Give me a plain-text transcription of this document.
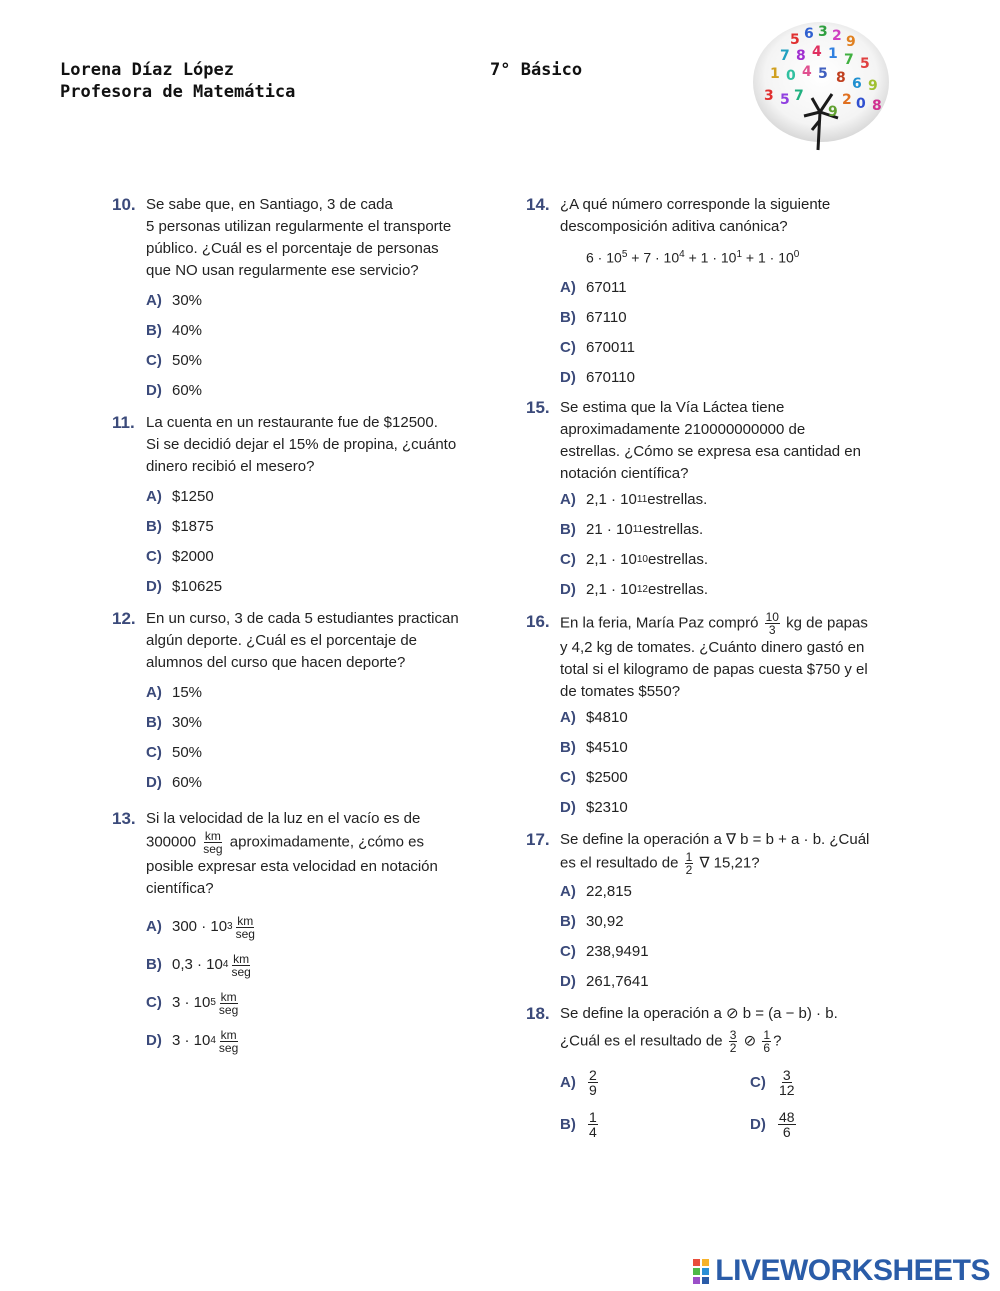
Lorena Díaz López
Profesora de Matemática
7° Básico
5 6 3 2 9
7 8 4 1 7 5
1 0 4 5 8 6 9
3 5 7	2 0 8
9
10. Se sabe que, en Santiago, 3 de cada
5 personas utilizan regularmente el transporte
público. ¿Cuál es el porcentaje de personas
que NO usan regularmente ese servicio?
A) 30%
B) 40%
C) 50%
D) 60%
11. La cuenta en un restaurante fue de $12500.
Si se decidió dejar el 15% de propina, ¿cuánto
dinero recibió el mesero?
A) $1250
B) $1875
C) $2000
D) $10625
12. En un curso, 3 de cada 5 estudiantes practican
algún deporte. ¿Cuál es el porcentaje de
alumnos del curso que hacen deporte?
A) 15%
B) 30%
C) 50%
D) 60%
13. Si la velocidad de la luz en el vacío es de
$300000 \frac{km}{\text{seg}}$ aproximadamente, ¿cómo es
posible expresar esta velocidad en notación
científica?
A) 300 · 10 $3 \frac{km}{\text{seg}}$
B) 0,3 · 10 $4 \frac{km}{\text{seg}}$
C) 3 · 10 $5 \frac{km}{\text{seg}}$
D) 3 · 10 $4 \frac{km}{\text{seg}}$
14. ¿A qué número corresponde la siguiente
descomposición aditiva canónica?
$6 \cdot 10^5 + 7 \cdot 10^4 + 1 \cdot 10^1 + 1 \cdot 10^0$
A) 67011
B) 67110
C) 670011
D) 670110
15. Se estima que la Vía Láctea tiene
aproximadamente 210000000000 de
estrellas. ¿Cómo se expresa esa cantidad en
notación científica?
A) 2,1 · 10 11 estrellas.
B) 21 · 10 11 estrellas.
C) 2,1 · 10 10 estrellas.
D) 2,1 · 10 12 estrellas.
16. En la feria, María Paz compró $\frac{10}{3}$ kg de papas
y 4,2 kg de tomates. ¿Cuánto dinero gastó en
total si el kilogramo de papas cuesta $750 y el
de tomates $550?
A) $4810
B) $4510
C) $2500
D) $2310
17. Se define la operación a ∇ b = b + a · b. ¿Cuál
es el resultado de $\frac{1}{2}$ ∇ 15,21?
A) 22,815
B) 30,92
C) 238,9491
D) 261,7641
18. Se define la operación a ⊘ b = (a − b) · b.
¿Cuál es el resultado de $\frac{3}{2}$ ⊘ $\frac{1}{6}$ ?
$A) \frac{2}{9}$	$C) \frac{3}{12}$
$B) \frac{1}{4}$	$D) \frac{48}{6}$
LIVEWORKSHEETS
